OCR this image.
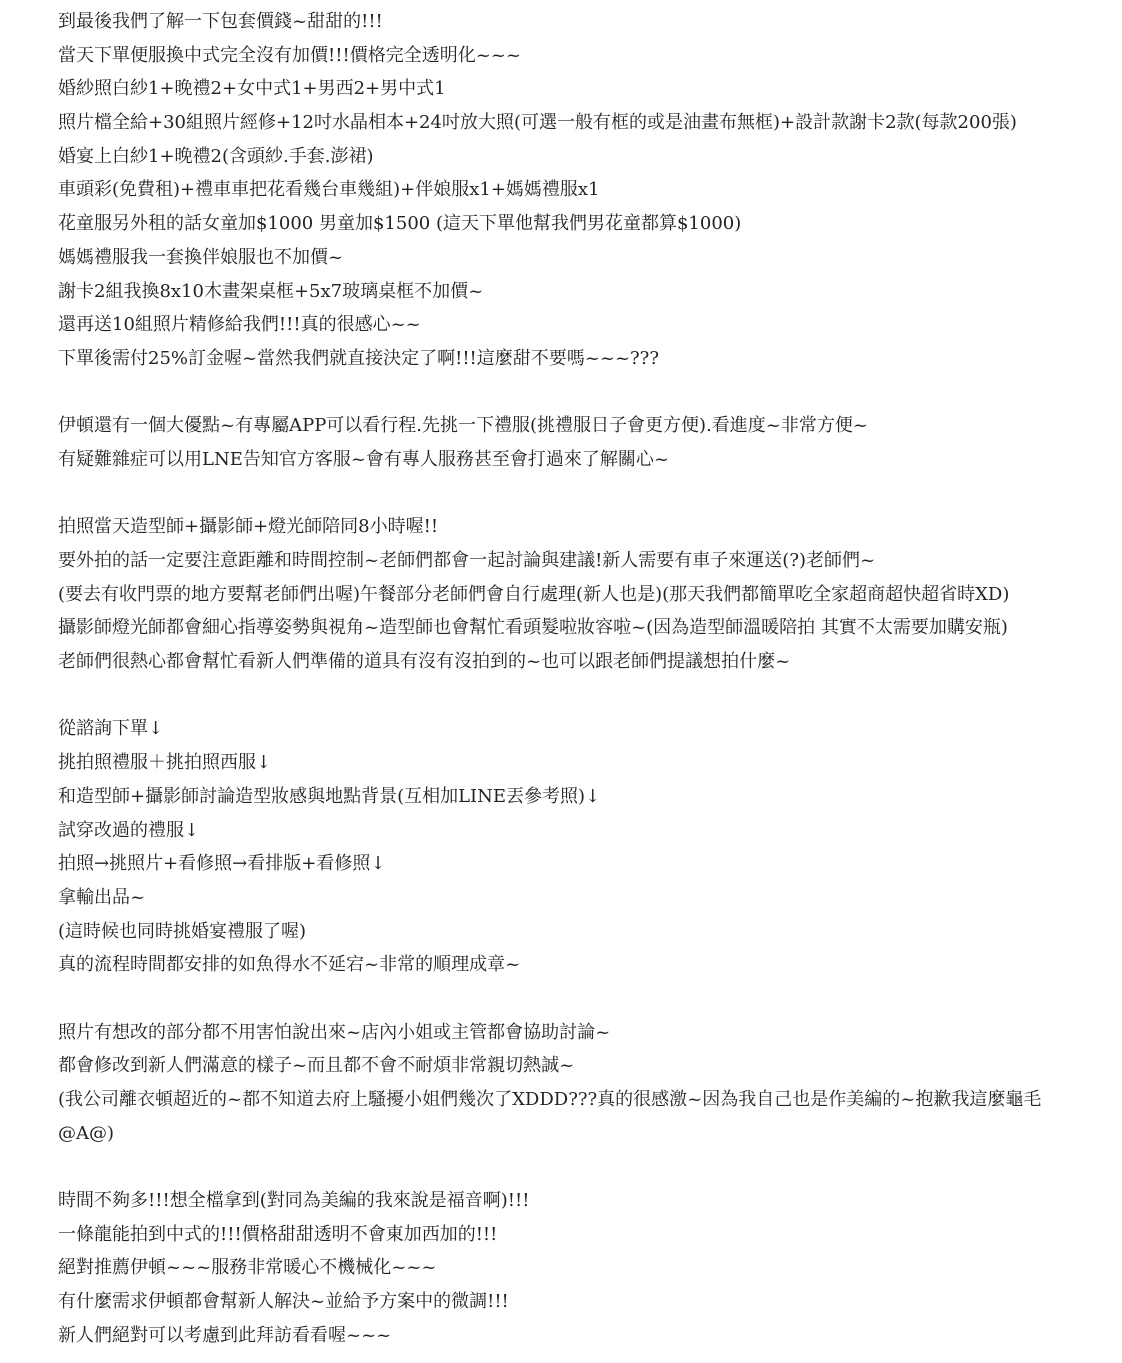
到最後我們了解一下包套價錢~甜甜的!!!
當天下單便服換中式完全沒有加價!!!價格完全透明化~~~
婚紗照白紗1+晚禮2+女中式1+男西2+男中式1
照片檔全給+30組照片經修+12吋水晶相本+24吋放大照(可選一般有框的或是油畫布無框)+設計款謝卡2款(每款200張)
婚宴上白紗1+晚禮2(含頭紗.手套.澎裙)
車頭彩(免費租)+禮車車把花看幾台車幾組)+伴娘服x1+媽媽禮服x1
花童服另外租的話女童加$1000 男童加$1500 (這天下單他幫我們男花童都算$1000)
媽媽禮服我一套換伴娘服也不加價~
謝卡2組我換8x10木畫架桌框+5x7玻璃桌框不加價~
還再送10組照片精修給我們!!!真的很感心~~
下單後需付25%訂金喔~當然我們就直接決定了啊!!!這麼甜不要嗎~~~???
伊頓還有一個大優點~有專屬APP可以看行程.先挑一下禮服(挑禮服日子會更方便).看進度~非常方便~
有疑難雜症可以用LNE告知官方客服~會有專人服務甚至會打過來了解關心~
拍照當天造型師+攝影師+燈光師陪同8小時喔!!
要外拍的話一定要注意距離和時間控制~老師們都會一起討論與建議!新人需要有車子來運送(?)老師們~
(要去有收門票的地方要幫老師們出喔)午餐部分老師們會自行處理(新人也是)(那天我們都簡單吃全家超商超快超省時XD)
攝影師燈光師都會細心指導姿勢與視角~造型師也會幫忙看頭髮啦妝容啦~(因為造型師溫暖陪拍 其實不太需要加購安瓶)
老師們很熱心都會幫忙看新人們準備的道具有沒有沒拍到的~也可以跟老師們提議想拍什麼~
從諮詢下單↓
挑拍照禮服＋挑拍照西服↓
和造型師+攝影師討論造型妝感與地點背景(互相加LINE丟參考照)↓
試穿改過的禮服↓
拍照→挑照片+看修照→看排版+看修照↓
拿輸出品~
(這時候也同時挑婚宴禮服了喔)
真的流程時間都安排的如魚得水不延宕~非常的順理成章~
照片有想改的部分都不用害怕說出來~店內小姐或主管都會協助討論~
都會修改到新人們滿意的樣子~而且都不會不耐煩非常親切熱誠~
(我公司離衣頓超近的~都不知道去府上騷擾小姐們幾次了XDDD???真的很感激~因為我自己也是作美編的~抱歉我這麼龜毛
@A@)
時間不夠多!!!想全檔拿到(對同為美編的我來說是福音啊)!!!
一條龍能拍到中式的!!!價格甜甜透明不會東加西加的!!!
絕對推薦伊頓~~~服務非常暖心不機械化~~~
有什麼需求伊頓都會幫新人解決~並給予方案中的微調!!!
新人們絕對可以考慮到此拜訪看看喔~~~
